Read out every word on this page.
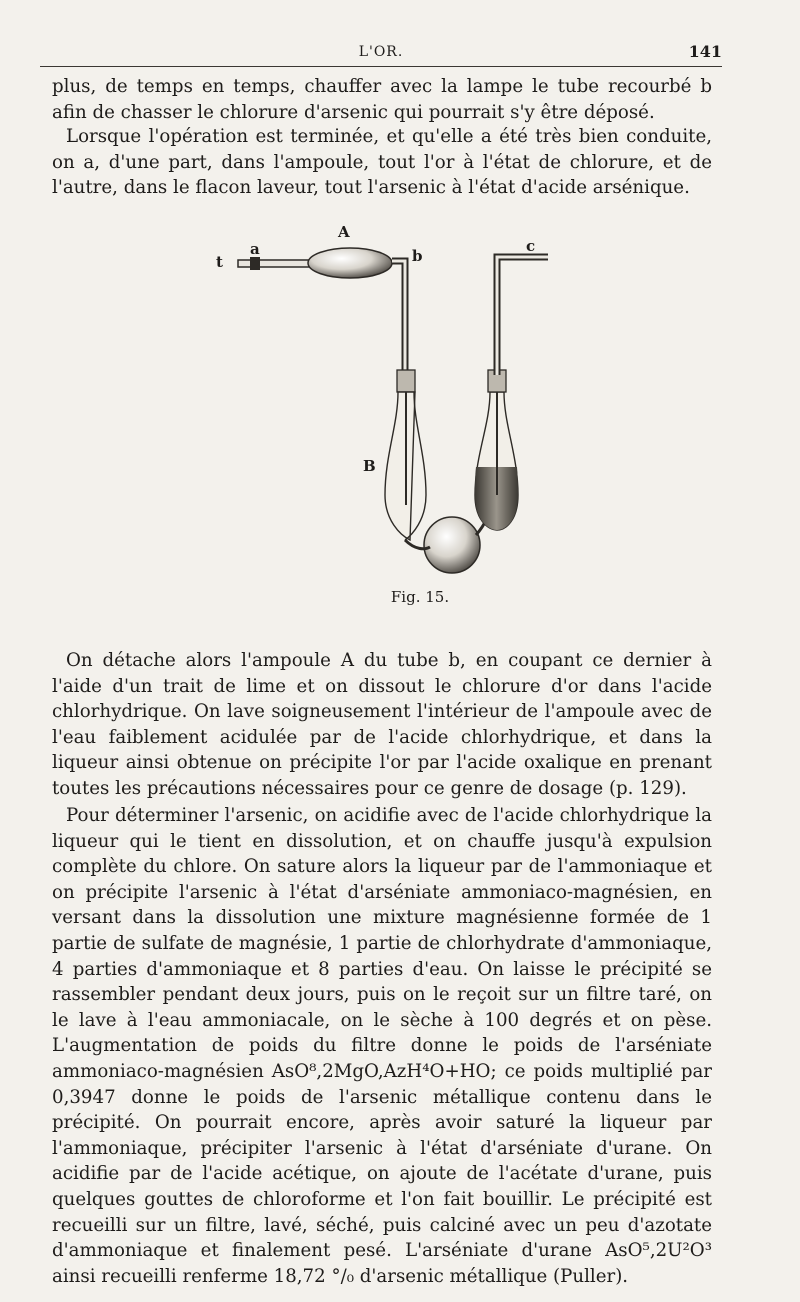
L'OR.	141

plus, de temps en temps, chauffer avec la lampe le tube recourbé b afin de chasser le chlorure d'arsenic qui pourrait s'y être déposé.

Lorsque l'opération est terminée, et qu'elle a été très bien conduite, on a, d'une part, dans l'ampoule, tout l'or à l'état de chlorure, et de l'autre, dans le flacon laveur, tout l'arsenic à l'état d'acide arsénique.

A
a
t	b
c
B
Fig. 15.

On détache alors l'ampoule A du tube b, en coupant ce dernier à l'aide d'un trait de lime et on dissout le chlorure d'or dans l'acide chlorhydrique. On lave soigneusement l'intérieur de l'ampoule avec de l'eau faiblement acidulée par de l'acide chlorhydrique, et dans la liqueur ainsi obtenue on précipite l'or par l'acide oxalique en prenant toutes les précautions nécessaires pour ce genre de dosage (p. 129).

Pour déterminer l'arsenic, on acidifie avec de l'acide chlorhydrique la liqueur qui le tient en dissolution, et on chauffe jusqu'à expulsion complète du chlore. On sature alors la liqueur par de l'ammoniaque et on précipite l'arsenic à l'état d'arséniate ammoniaco-magnésien, en versant dans la dissolution une mixture magnésienne formée de 1 partie de sulfate de magnésie, 1 partie de chlorhydrate d'ammoniaque, 4 parties d'ammoniaque et 8 parties d'eau. On laisse le précipité se rassembler pendant deux jours, puis on le reçoit sur un filtre taré, on le lave à l'eau ammoniacale, on le sèche à 100 degrés et on pèse. L'augmentation de poids du filtre donne le poids de l'arséniate ammoniaco-magnésien AsO⁸,2MgO,AzH⁴O+HO; ce poids multiplié par 0,3947 donne le poids de l'arsenic métallique contenu dans le précipité. On pourrait encore, après avoir saturé la liqueur par l'ammoniaque, précipiter l'arsenic à l'état d'arséniate d'urane. On acidifie par de l'acide acétique, on ajoute de l'acétate d'urane, puis quelques gouttes de chloroforme et l'on fait bouillir. Le précipité est recueilli sur un filtre, lavé, séché, puis calciné avec un peu d'azotate d'ammoniaque et finalement pesé. L'arséniate d'urane AsO⁵,2U²O³ ainsi recueilli renferme 18,72 °/₀ d'arsenic métallique (Puller).
